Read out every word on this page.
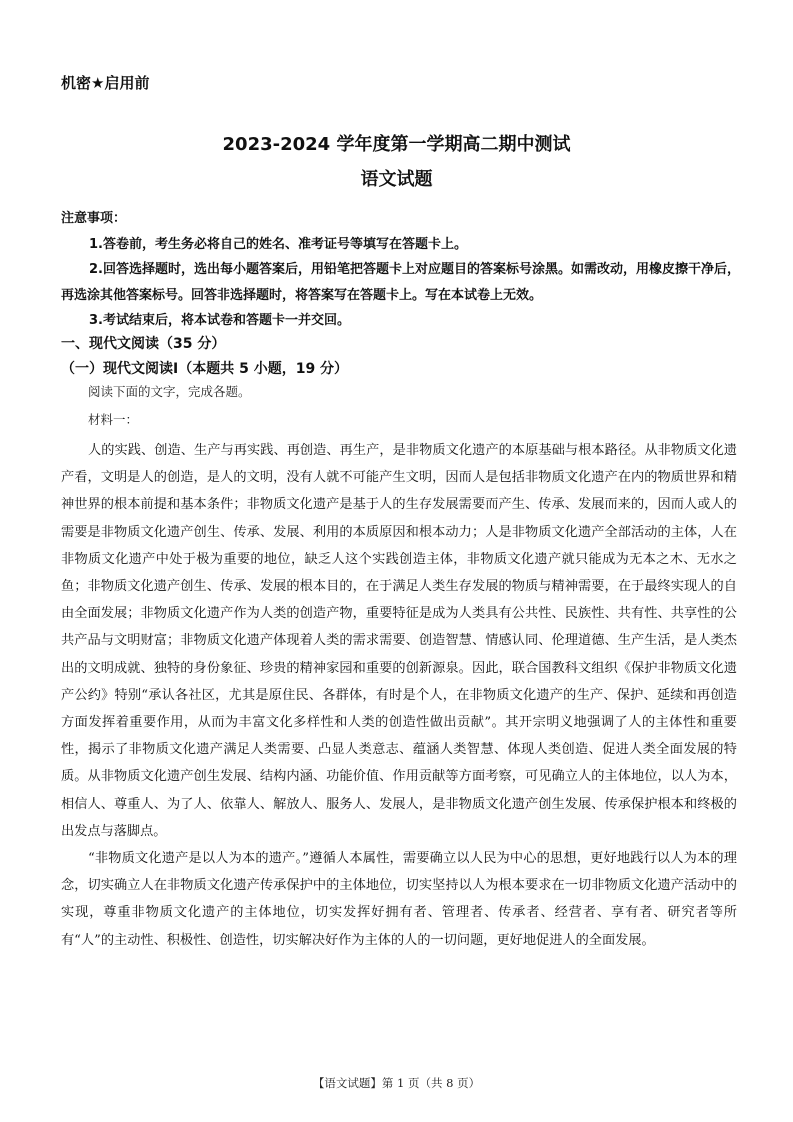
机密★启用前
2023-2024 学年度第一学期高二期中测试
语文试题

注意事项：

1.答卷前，考生务必将自己的姓名、准考证号等填写在答题卡上。

2.回答选择题时，选出每小题答案后，用铅笔把答题卡上对应题目的答案标号涂黑。如需改动，用橡皮擦干净后，再选涂其他答案标号。回答非选择题时，将答案写在答题卡上。写在本试卷上无效。

3.考试结束后，将本试卷和答题卡一并交回。

一、现代文阅读（35 分）
（一）现代文阅读Ⅰ（本题共 5 小题，19 分）
阅读下面的文字，完成各题。
材料一：

人的实践、创造、生产与再实践、再创造、再生产，是非物质文化遗产的本原基础与根本路径。从非物质文化遗产看，文明是人的创造，是人的文明，没有人就不可能产生文明，因而人是包括非物质文化遗产在内的物质世界和精神世界的根本前提和基本条件；非物质文化遗产是基于人的生存发展需要而产生、传承、发展而来的，因而人或人的需要是非物质文化遗产创生、传承、发展、利用的本质原因和根本动力；人是非物质文化遗产全部活动的主体，人在非物质文化遗产中处于极为重要的地位，缺乏人这个实践创造主体，非物质文化遗产就只能成为无本之木、无水之鱼；非物质文化遗产创生、传承、发展的根本目的，在于满足人类生存发展的物质与精神需要，在于最终实现人的自由全面发展；非物质文化遗产作为人类的创造产物，重要特征是成为人类具有公共性、民族性、共有性、共享性的公共产品与文明财富；非物质文化遗产体现着人类的需求需要、创造智慧、情感认同、伦理道德、生产生活，是人类杰出的文明成就、独特的身份象征、珍贵的精神家园和重要的创新源泉。因此，联合国教科文组织《保护非物质文化遗产公约》特别“承认各社区，尤其是原住民、各群体，有时是个人，在非物质文化遗产的生产、保护、延续和再创造方面发挥着重要作用，从而为丰富文化多样性和人类的创造性做出贡献”。其开宗明义地强调了人的主体性和重要性，揭示了非物质文化遗产满足人类需要、凸显人类意志、蕴涵人类智慧、体现人类创造、促进人类全面发展的特质。从非物质文化遗产创生发展、结构内涵、功能价值、作用贡献等方面考察，可见确立人的主体地位，以人为本，相信人、尊重人、为了人、依靠人、解放人、服务人、发展人，是非物质文化遗产创生发展、传承保护根本和终极的出发点与落脚点。

“非物质文化遗产是以人为本的遗产。”遵循人本属性，需要确立以人民为中心的思想，更好地践行以人为本的理念，切实确立人在非物质文化遗产传承保护中的主体地位，切实坚持以人为根本要求在一切非物质文化遗产活动中的实现，尊重非物质文化遗产的主体地位，切实发挥好拥有者、管理者、传承者、经营者、享有者、研究者等所有“人”的主动性、积极性、创造性，切实解决好作为主体的人的一切问题，更好地促进人的全面发展。

【语文试题】第 1 页（共 8 页）
